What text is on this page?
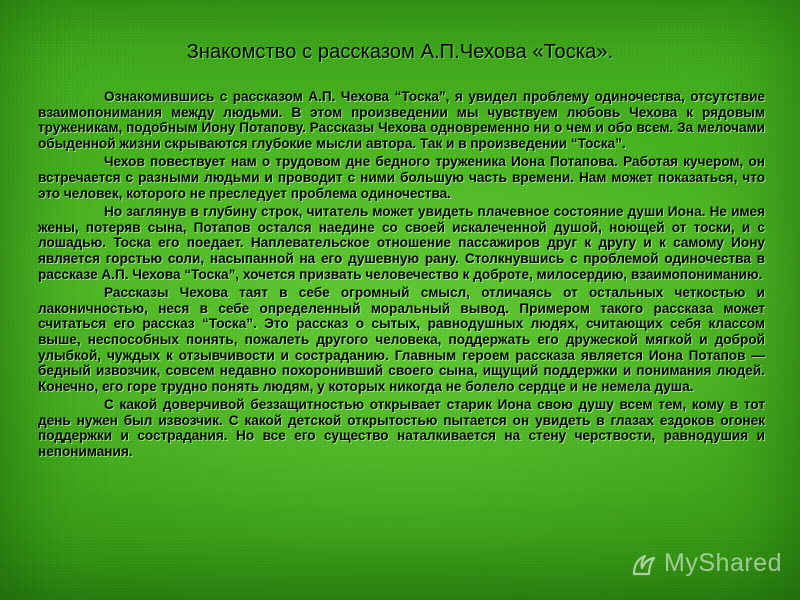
Знакомство с рассказом А.П.Чехова «Тоска».

Ознакомившись с рассказом А.П. Чехова “Тоска”, я увидел проблему одиночества, отсутствие взаимопонимания между людьми. В этом произведении мы чувствуем любовь Чехова к рядовым труженикам, подобным Иону Потапову. Рассказы Чехова одновременно ни о чем и обо всем. За мелочами обыденной жизни скрываются глубокие мысли автора. Так и в произведении “Тоска”.

Чехов повествует нам о трудовом дне бедного труженика Иона Потапова. Работая кучером, он встречается с разными людьми и проводит с ними большую часть времени. Нам может показаться, что это человек, которого не преследует проблема одиночества.

Но заглянув в глубину строк, читатель может увидеть плачевное состояние души Иона. Не имея жены, потеряв сына, Потапов остался наедине со своей искалеченной душой, ноющей от тоски, и с лошадью. Тоска его поедает. Наплевательское отношение пассажиров друг к другу и к самому Иону является горстью соли, насыпанной на его душевную рану. Столкнувшись с проблемой одиночества в рассказе А.П. Чехова “Тоска”, хочется призвать человечество к доброте, милосердию, взаимопониманию.

Рассказы Чехова таят в себе огромный смысл, отличаясь от остальных четкостью и лаконичностью, неся в себе определенный моральный вывод. Примером такого рассказа может считаться его рассказ “Тоска”. Это рассказ о сытых, равнодушных людях, считающих себя классом выше, неспособных понять, пожалеть другого человека, поддержать его дружеской мягкой и доброй улыбкой, чуждых к отзывчивости и состраданию. Главным героем рассказа является Иона Потапов — бедный извозчик, совсем недавно похоронивший своего сына, ищущий поддержки и понимания людей. Конечно, его горе трудно понять людям, у которых никогда не болело сердце и не немела душа.

С какой доверчивой беззащитностью открывает старик Иона свою душу всем тем, кому в тот день нужен был извозчик. С какой детской открытостью пытается он увидеть в глазах ездоков огонек поддержки и сострадания. Но все его существо наталкивается на стену черствости, равнодушия и непонимания.

MyShared
